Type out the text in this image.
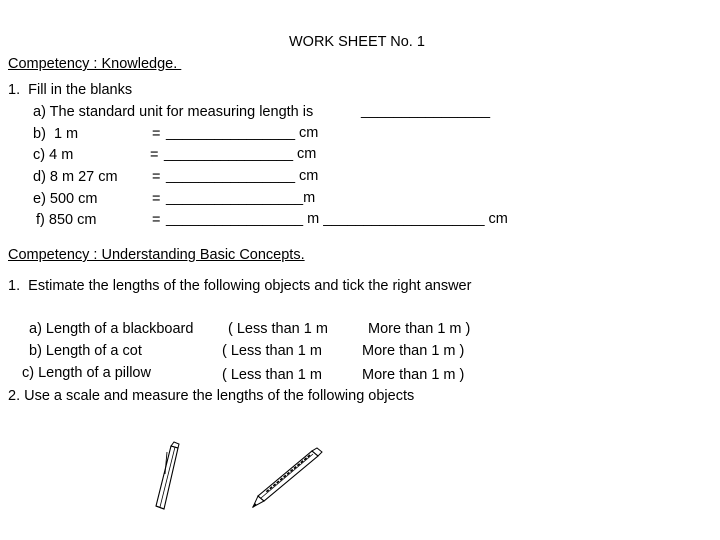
WORK SHEET No. 1
Competency : Knowledge.
1.  Fill in the blanks
a) The standard unit for measuring length is	________________
b)  1 m	= ________________ cm
c) 4 m	= ________________ cm
d) 8 m 27 cm = ________________ cm
e) 500 cm	= _________________m
f) 850 cm	= _________________ m ____________________ cm
Competency : Understanding Basic Concepts.
1.  Estimate the lengths of the following objects and tick the right answer
a) Length of a blackboard ( Less than 1 m	More than 1 m )
b) Length of a cot	( Less than 1 m	More than 1 m )
c) Length of a pillow	( Less than 1 m	More than 1 m )
2. Use a scale and measure the lengths of the following objects
